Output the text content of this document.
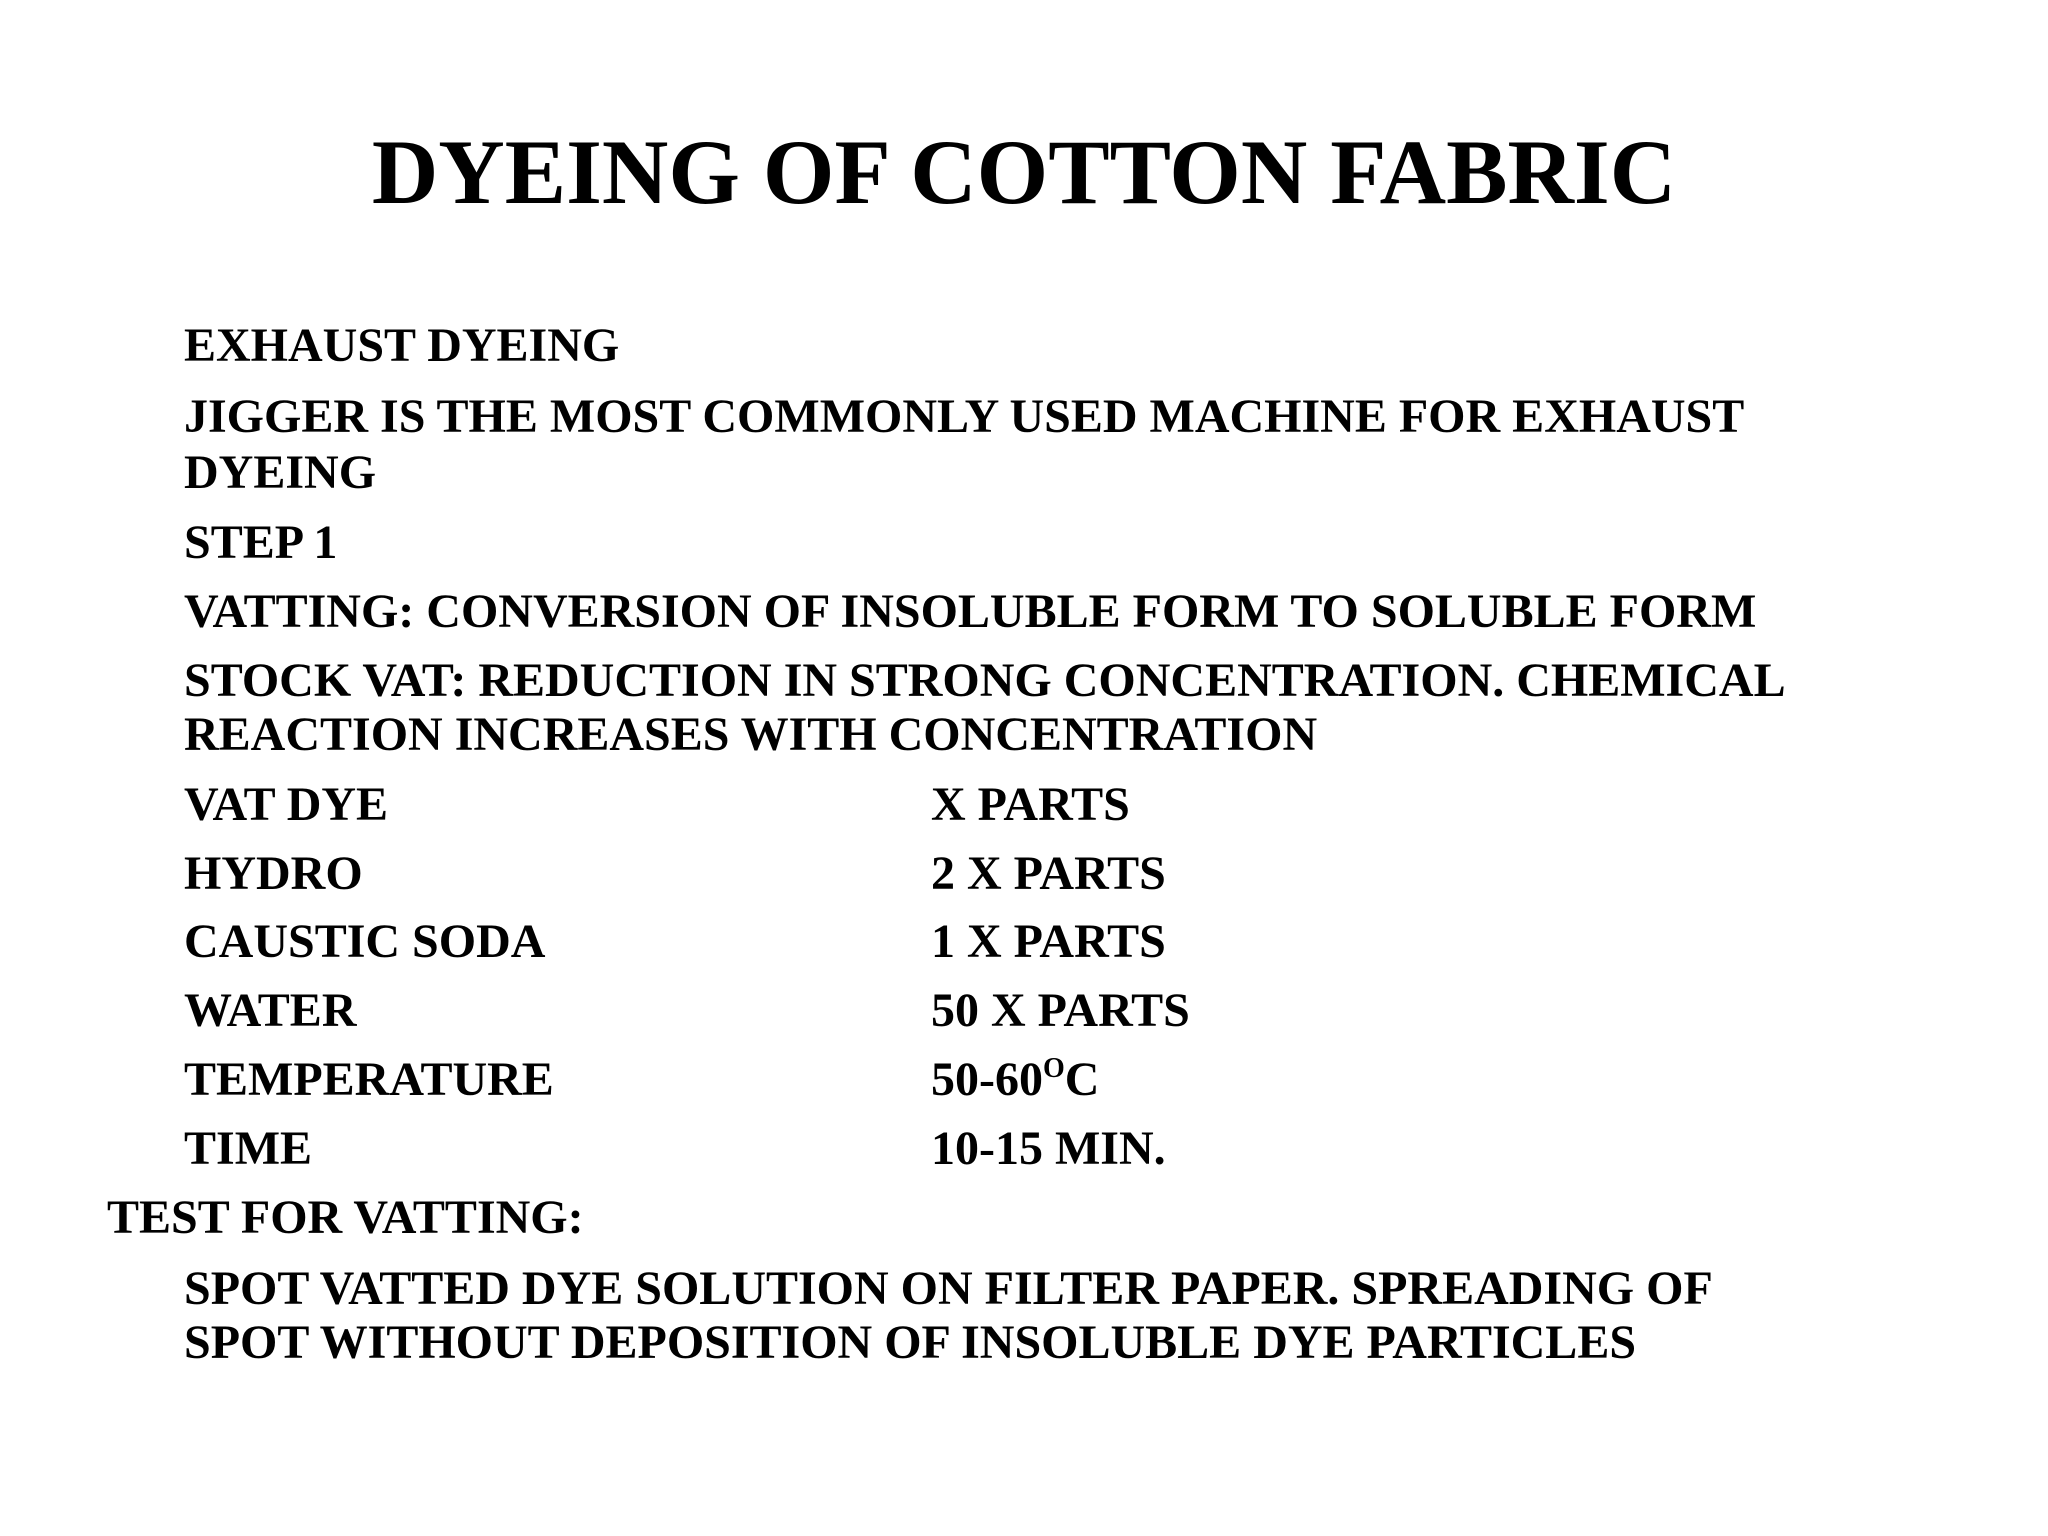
DYEING OF COTTON FABRIC
EXHAUST DYEING
JIGGER IS THE MOST COMMONLY USED MACHINE FOR EXHAUST
DYEING
STEP 1
VATTING: CONVERSION OF INSOLUBLE FORM TO SOLUBLE FORM
STOCK VAT: REDUCTION IN STRONG CONCENTRATION. CHEMICAL
REACTION INCREASES WITH CONCENTRATION
VAT DYE	X PARTS
HYDRO	2 X PARTS
CAUSTIC SODA	1 X PARTS
WATER	50 X PARTS
TEMPERATURE	$50-60^OC$
TIME	10-15 MIN.
TEST FOR VATTING:
SPOT VATTED DYE SOLUTION ON FILTER PAPER. SPREADING OF
SPOT WITHOUT DEPOSITION OF INSOLUBLE DYE PARTICLES
